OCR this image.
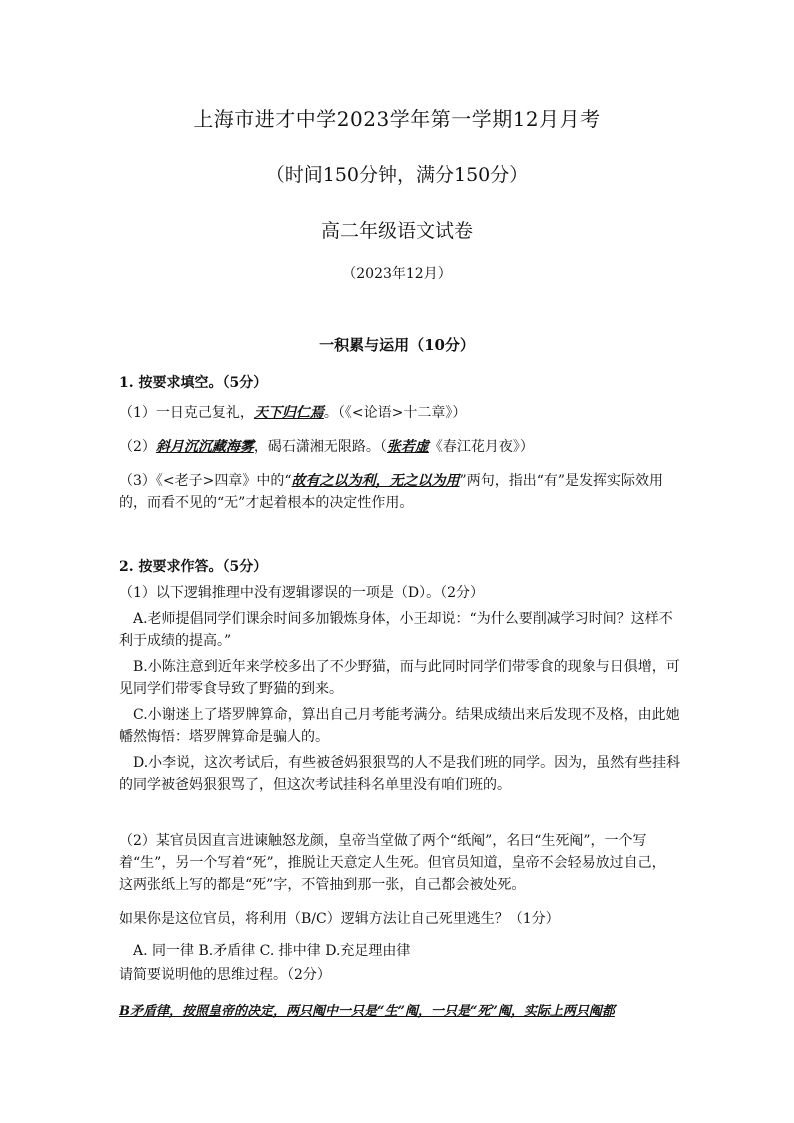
上海市进才中学2023学年第一学期12月月考
（时间150分钟，满分150分）
高二年级语文试卷
（2023年12月）
一积累与运用（10分）
1. 按要求填空。（5分）
（1）一日克己复礼，天下归仁焉。（《<论语>十二章》）
（2）斜月沉沉藏海雾，碣石潇湘无限路。（张若虚《春江花月夜》）
（3）《<老子>四章》中的“故有之以为利，无之以为用”两句，指出“有”是发挥实际效用
的，而看不见的“无”才起着根本的决定性作用。
2. 按要求作答。（5分）
（1）以下逻辑推理中没有逻辑谬误的一项是（D）。（2分）
A.老师提倡同学们课余时间多加锻炼身体，小王却说：“为什么要削减学习时间？这样不
利于成绩的提高。”
B.小陈注意到近年来学校多出了不少野猫，而与此同时同学们带零食的现象与日俱增，可
见同学们带零食导致了野猫的到来。
C.小谢迷上了塔罗牌算命，算出自己月考能考满分。结果成绩出来后发现不及格，由此她
幡然悔悟：塔罗牌算命是骗人的。
D.小李说，这次考试后，有些被爸妈狠狠骂的人不是我们班的同学。因为，虽然有些挂科
的同学被爸妈狠狠骂了，但这次考试挂科名单里没有咱们班的。
（2）某官员因直言进谏触怒龙颜，皇帝当堂做了两个“纸阄”，名曰“生死阄”，一个写
着“生”，另一个写着“死”，推脱让天意定人生死。但官员知道，皇帝不会轻易放过自己，
这两张纸上写的都是“死”字，不管抽到那一张，自己都会被处死。
如果你是这位官员，将利用（B/C）逻辑方法让自己死里逃生？（1分）
A. 同一律 B.矛盾律 C. 排中律 D.充足理由律
请简要说明他的思维过程。（2分）
B矛盾律，按照皇帝的决定，两只阄中一只是“生”阄，一只是“死”阄，实际上两只阄都
